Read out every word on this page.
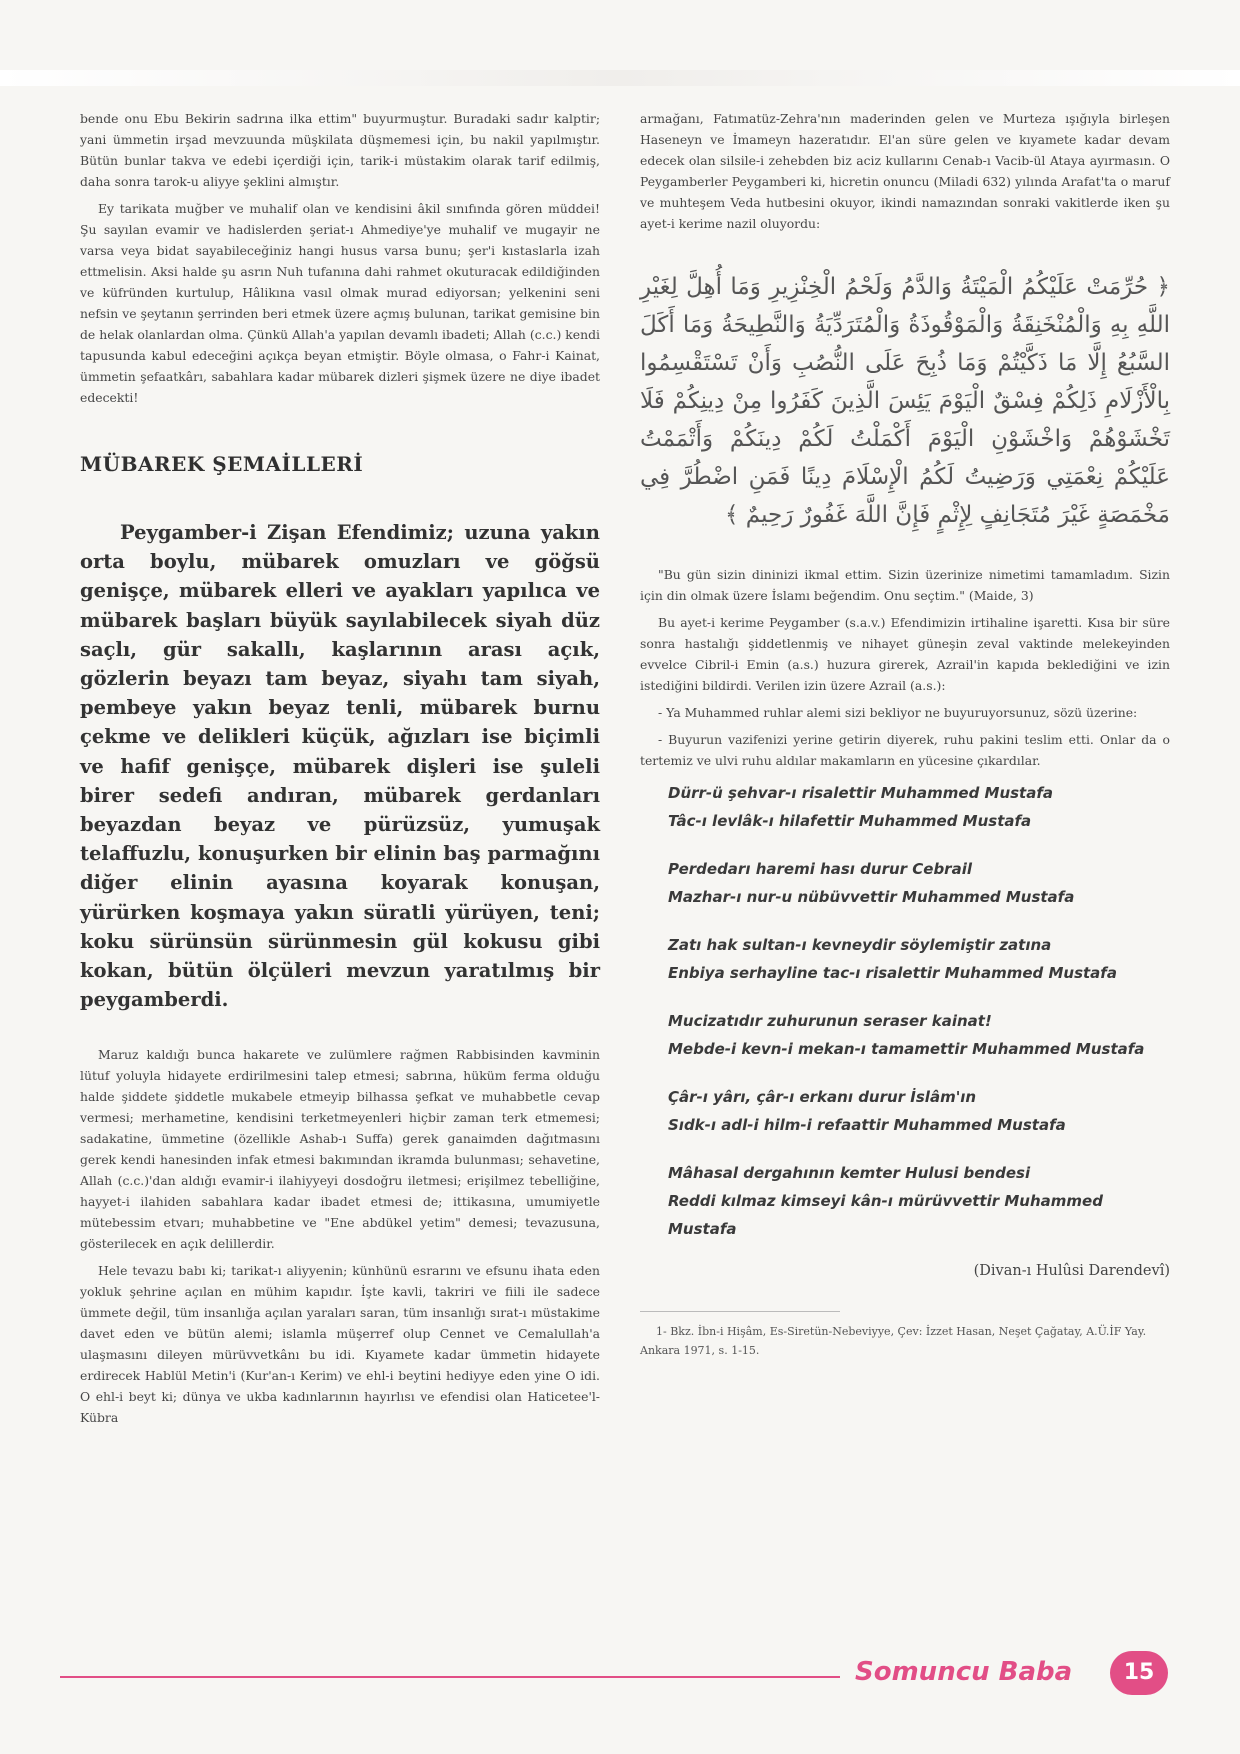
bende onu Ebu Bekirin sadrına ilka ettim" buyurmuştur. Buradaki sadır kalptir; yani ümmetin irşad mevzuunda müşkilata düşmemesi için, bu nakil yapılmıştır. Bütün bunlar takva ve edebi içerdiği için, tarik-i müstakim olarak tarif edilmiş, daha sonra tarok-u aliyye şeklini almıştır.

Ey tarikata muğber ve muhalif olan ve kendisini âkil sınıfında gören müddei! Şu sayılan evamir ve hadislerden şeriat-ı Ahmediye'ye muhalif ve mugayir ne varsa veya bidat sayabileceğiniz hangi husus varsa bunu; şer'i kıstaslarla izah ettmelisin. Aksi halde şu asrın Nuh tufanına dahi rahmet okuturacak edildiğinden ve küfründen kurtulup, Hâlikına vasıl olmak murad ediyorsan; yelkenini seni nefsin ve şeytanın şerrinden beri etmek üzere açmış bulunan, tarikat gemisine bin de helak olanlardan olma. Çünkü Allah'a yapılan devamlı ibadeti; Allah (c.c.) kendi tapusunda kabul edeceğini açıkça beyan etmiştir. Böyle olmasa, o Fahr-i Kainat, ümmetin şefaatkârı, sabahlara kadar mübarek dizleri şişmek üzere ne diye ibadet edecekti!

MÜBAREK ŞEMAİLLERİ

Peygamber-i Zişan Efendimiz; uzuna yakın orta boylu, mübarek omuzları ve göğsü genişçe, mübarek elleri ve ayakları yapılıca ve mübarek başları büyük sayılabilecek siyah düz saçlı, gür sakallı, kaşlarının arası açık, gözlerin beyazı tam beyaz, siyahı tam siyah, pembeye yakın beyaz tenli, mübarek burnu çekme ve delikleri küçük, ağızları ise biçimli ve hafif genişçe, mübarek dişleri ise şuleli birer sedefi andıran, mübarek gerdanları beyazdan beyaz ve pürüzsüz, yumuşak telaffuzlu, konuşurken bir elinin baş parmağını diğer elinin ayasına koyarak konuşan, yürürken koşmaya yakın süratli yürüyen, teni; koku sürünsün sürünmesin gül kokusu gibi kokan, bütün ölçüleri mevzun yaratılmış bir peygamberdi.

Maruz kaldığı bunca hakarete ve zulümlere rağmen Rabbisinden kavminin lütuf yoluyla hidayete erdirilmesini talep etmesi; sabrına, hüküm ferma olduğu halde şiddete şiddetle mukabele etmeyip bilhassa şefkat ve muhabbetle cevap vermesi; merhametine, kendisini terketmeyenleri hiçbir zaman terk etmemesi; sadakatine, ümmetine (özellikle Ashab-ı Suffa) gerek ganaimden dağıtmasını gerek kendi hanesinden infak etmesi bakımından ikramda bulunması; sehavetine, Allah (c.c.)'dan aldığı evamir-i ilahiyyeyi dosdoğru iletmesi; erişilmez tebelliğine, hayyet-i ilahiden sabahlara kadar ibadet etmesi de; ittikasına, umumiyetle mütebessim etvarı; muhabbetine ve "Ene abdükel yetim" demesi; tevazusuna, gösterilecek en açık delillerdir.

Hele tevazu babı ki; tarikat-ı aliyyenin; künhünü esrarını ve efsunu ihata eden yokluk şehrine açılan en mühim kapıdır. İşte kavli, takriri ve fiili ile sadece ümmete değil, tüm insanlığa açılan yaraları saran, tüm insanlığı sırat-ı müstakime davet eden ve bütün alemi; islamla müşerref olup Cennet ve Cemalullah'a ulaşmasını dileyen mürüvvetkânı bu idi. Kıyamete kadar ümmetin hidayete erdirecek Hablül Metin'i (Kur'an-ı Kerim) ve ehl-i beytini hediyye eden yine O idi. O ehl-i beyt ki; dünya ve ukba kadınlarının hayırlısı ve efendisi olan Haticetee'l-Kübra

armağanı, Fatımatüz-Zehra'nın maderinden gelen ve Murteza ışığıyla birleşen Haseneyn ve İmameyn hazeratıdır. El'an süre gelen ve kıyamete kadar devam edecek olan silsile-i zehebden biz aciz kullarını Cenab-ı Vacib-ül Ataya ayırmasın. O Peygamberler Peygamberi ki, hicretin onuncu (Miladi 632) yılında Arafat'ta o maruf ve muhteşem Veda hutbesini okuyor, ikindi namazından sonraki vakitlerde iken şu ayet-i kerime nazil oluyordu:

﴿ حُرِّمَتْ عَلَيْكُمُ الْمَيْتَةُ وَالدَّمُ وَلَحْمُ الْخِنْزِيرِ وَمَا أُهِلَّ لِغَيْرِ اللَّهِ بِهِ وَالْمُنْخَنِقَةُ وَالْمَوْقُوذَةُ وَالْمُتَرَدِّيَةُ وَالنَّطِيحَةُ وَمَا أَكَلَ السَّبُعُ إِلَّا مَا ذَكَّيْتُمْ وَمَا ذُبِحَ عَلَى النُّصُبِ وَأَنْ تَسْتَقْسِمُوا بِالْأَزْلَامِ ذَلِكُمْ فِسْقٌ الْيَوْمَ يَئِسَ الَّذِينَ كَفَرُوا مِنْ دِينِكُمْ فَلَا تَخْشَوْهُمْ وَاخْشَوْنِ الْيَوْمَ أَكْمَلْتُ لَكُمْ دِينَكُمْ وَأَتْمَمْتُ عَلَيْكُمْ نِعْمَتِي وَرَضِيتُ لَكُمُ الْإِسْلَامَ دِينًا فَمَنِ اضْطُرَّ فِي مَخْمَصَةٍ غَيْرَ مُتَجَانِفٍ لِإِثْمٍ فَإِنَّ اللَّهَ غَفُورٌ رَحِيمٌ ﴾

"Bu gün sizin dininizi ikmal ettim. Sizin üzerinize nimetimi tamamladım. Sizin için din olmak üzere İslamı beğendim. Onu seçtim." (Maide, 3)

Bu ayet-i kerime Peygamber (s.a.v.) Efendimizin irtihaline işaretti. Kısa bir süre sonra hastalığı şiddetlenmiş ve nihayet güneşin zeval vaktinde melekeyinden evvelce Cibril-i Emin (a.s.) huzura girerek, Azrail'in kapıda beklediğini ve izin istediğini bildirdi. Verilen izin üzere Azrail (a.s.):

- Ya Muhammed ruhlar alemi sizi bekliyor ne buyuruyorsunuz, sözü üzerine:

- Buyurun vazifenizi yerine getirin diyerek, ruhu pakini teslim etti. Onlar da o tertemiz ve ulvi ruhu aldılar makamların en yücesine çıkardılar.

Dürr-ü şehvar-ı risalettir Muhammed Mustafa
Tâc-ı levlâk-ı hilafettir Muhammed Mustafa
Perdedarı haremi hası durur Cebrail
Mazhar-ı nur-u nübüvvettir Muhammed Mustafa
Zatı hak sultan-ı kevneydir söylemiştir zatına
Enbiya serhayline tac-ı risalettir Muhammed Mustafa
Mucizatıdır zuhurunun seraser kainat!
Mebde-i kevn-i mekan-ı tamamettir Muhammed Mustafa
Çâr-ı yârı, çâr-ı erkanı durur İslâm'ın
Sıdk-ı adl-i hilm-i refaattir Muhammed Mustafa
Mâhasal dergahının kemter Hulusi bendesi
Reddi kılmaz kimseyi kân-ı mürüvvettir Muhammed Mustafa

(Divan-ı Hulûsi Darendevî)

1- Bkz. İbn-i Hişâm, Es-Siretün-Nebeviyye, Çev: İzzet Hasan, Neşet Çağatay, A.Ü.İF Yay. Ankara 1971, s. 1-15.

Somuncu Baba	15
